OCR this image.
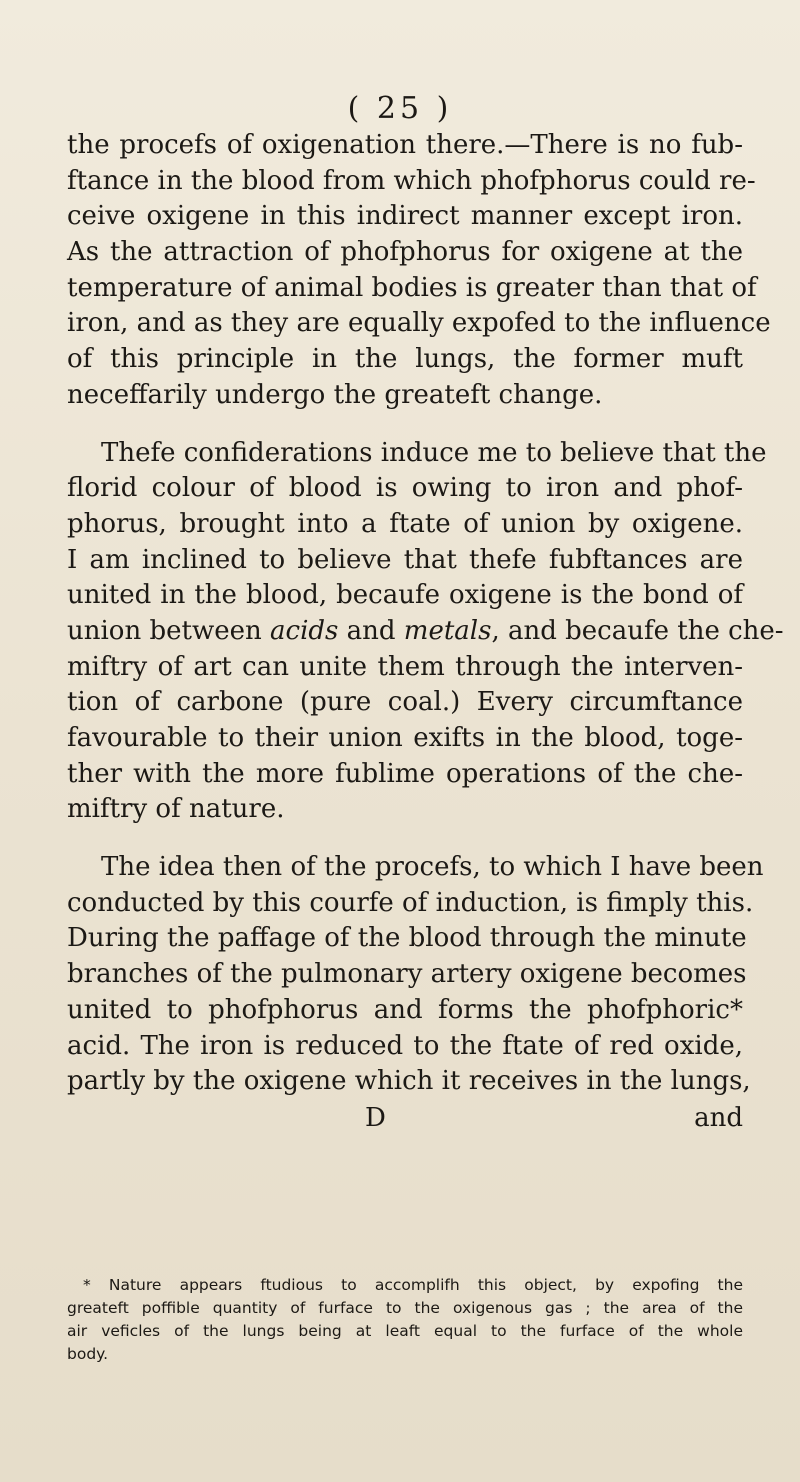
( 25 )
the procefs of oxigenation there.—There is no fub-
ftance in the blood from which phofphorus could re-
ceive oxigene in this indirect manner except iron.
As the attraction of phofphorus for oxigene at the
temperature of animal bodies is greater than that of
iron, and as they are equally expofed to the influence
of this principle in the lungs, the former muft
neceffarily undergo the greateft change.
Thefe confiderations induce me to believe that the
florid colour of blood is owing to iron and phof-
phorus, brought into a ftate of union by oxigene.
I am inclined to believe that thefe fubftances are
united in the blood, becaufe oxigene is the bond of
union between acids and metals, and becaufe the che-
miftry of art can unite them through the interven-
tion of carbone (pure coal.) Every circumftance
favourable to their union exifts in the blood, toge-
ther with the more fublime operations of the che-
miftry of nature.
The idea then of the procefs, to which I have been
conducted by this courfe of induction, is fimply this.
During the paffage of the blood through the minute
branches of the pulmonary artery oxigene becomes
united to phofphorus and forms the phofphoric*
acid. The iron is reduced to the ftate of red oxide,
partly by the oxigene which it receives in the lungs,
D	and
* Nature appears ftudious to accomplifh this object, by expofing the
greateft poffible quantity of furface to the oxigenous gas ; the area of the
air veficles of the lungs being at leaft equal to the furface of the whole
body.
